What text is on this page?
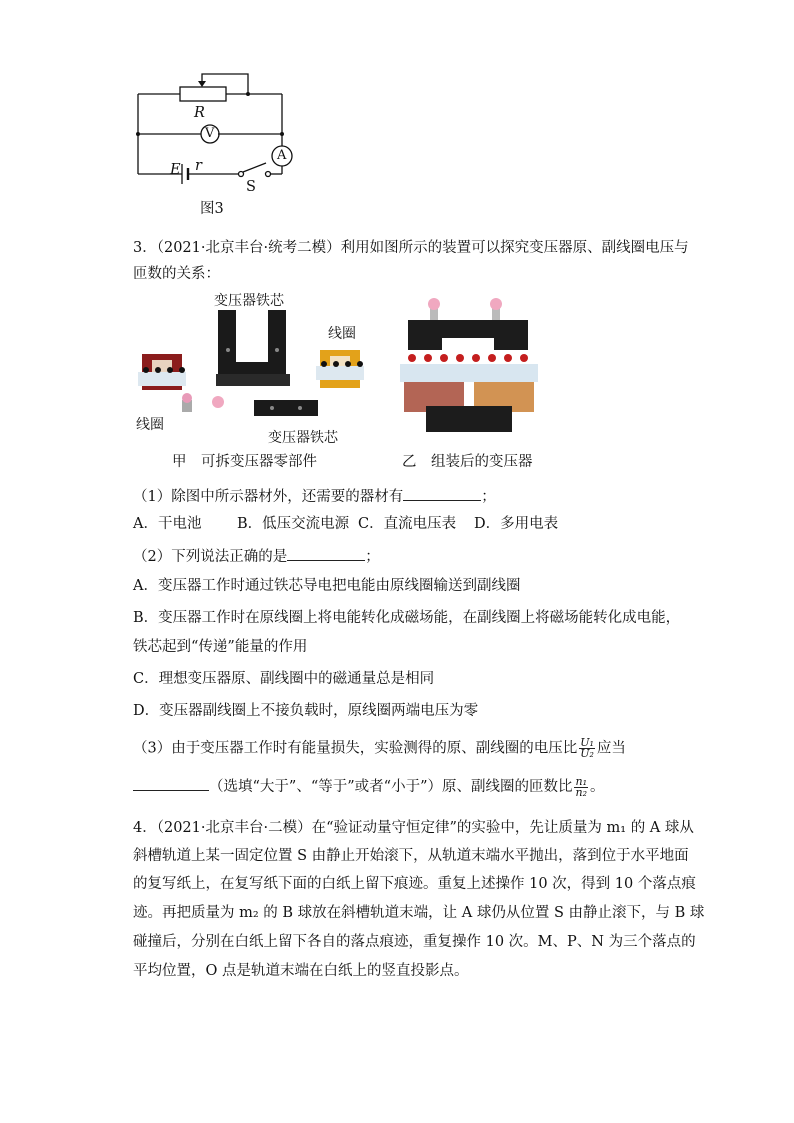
R
V
A
E r
S
图3
3．（2021·北京丰台·统考二模）利用如图所示的装置可以探究变压器原、副线圈电压与
匝数的关系：
变压器铁芯
线圈
线圈
变压器铁芯
甲　可拆变压器零部件	乙　组装后的变压器
（1）除图中所示器材外，还需要的器材有	；
A．干电池 B．低压交流电源 C．直流电压表 D．多用电表
（2）下列说法正确的是	；
A．变压器工作时通过铁芯导电把电能由原线圈输送到副线圈
B．变压器工作时在原线圈上将电能转化成磁场能，在副线圈上将磁场能转化成电能，
铁芯起到“传递”能量的作用
C．理想变压器原、副线圈中的磁通量总是相同
D．变压器副线圈上不接负载时，原线圈两端电压为零
（3）由于变压器工作时有能量损失，实验测得的原、副线圈的电压比 $\frac{\text{U₁}}{\text{U₂}}$ 应当
（选填“大于”、“等于”或者“小于”）原、副线圈的匝数比 $\frac{\text{n₁}}{\text{n₂}}$ 。
4．（2021·北京丰台·二模）在“验证动量守恒定律”的实验中，先让质量为 m₁ 的 A 球从
斜槽轨道上某一固定位置 S 由静止开始滚下，从轨道末端水平抛出，落到位于水平地面
的复写纸上，在复写纸下面的白纸上留下痕迹。重复上述操作 10 次，得到 10 个落点痕
迹。再把质量为 m₂ 的 B 球放在斜槽轨道末端，让 A 球仍从位置 S 由静止滚下，与 B 球
碰撞后，分别在白纸上留下各自的落点痕迹，重复操作 10 次。M、P、N 为三个落点的
平均位置，O 点是轨道末端在白纸上的竖直投影点。
